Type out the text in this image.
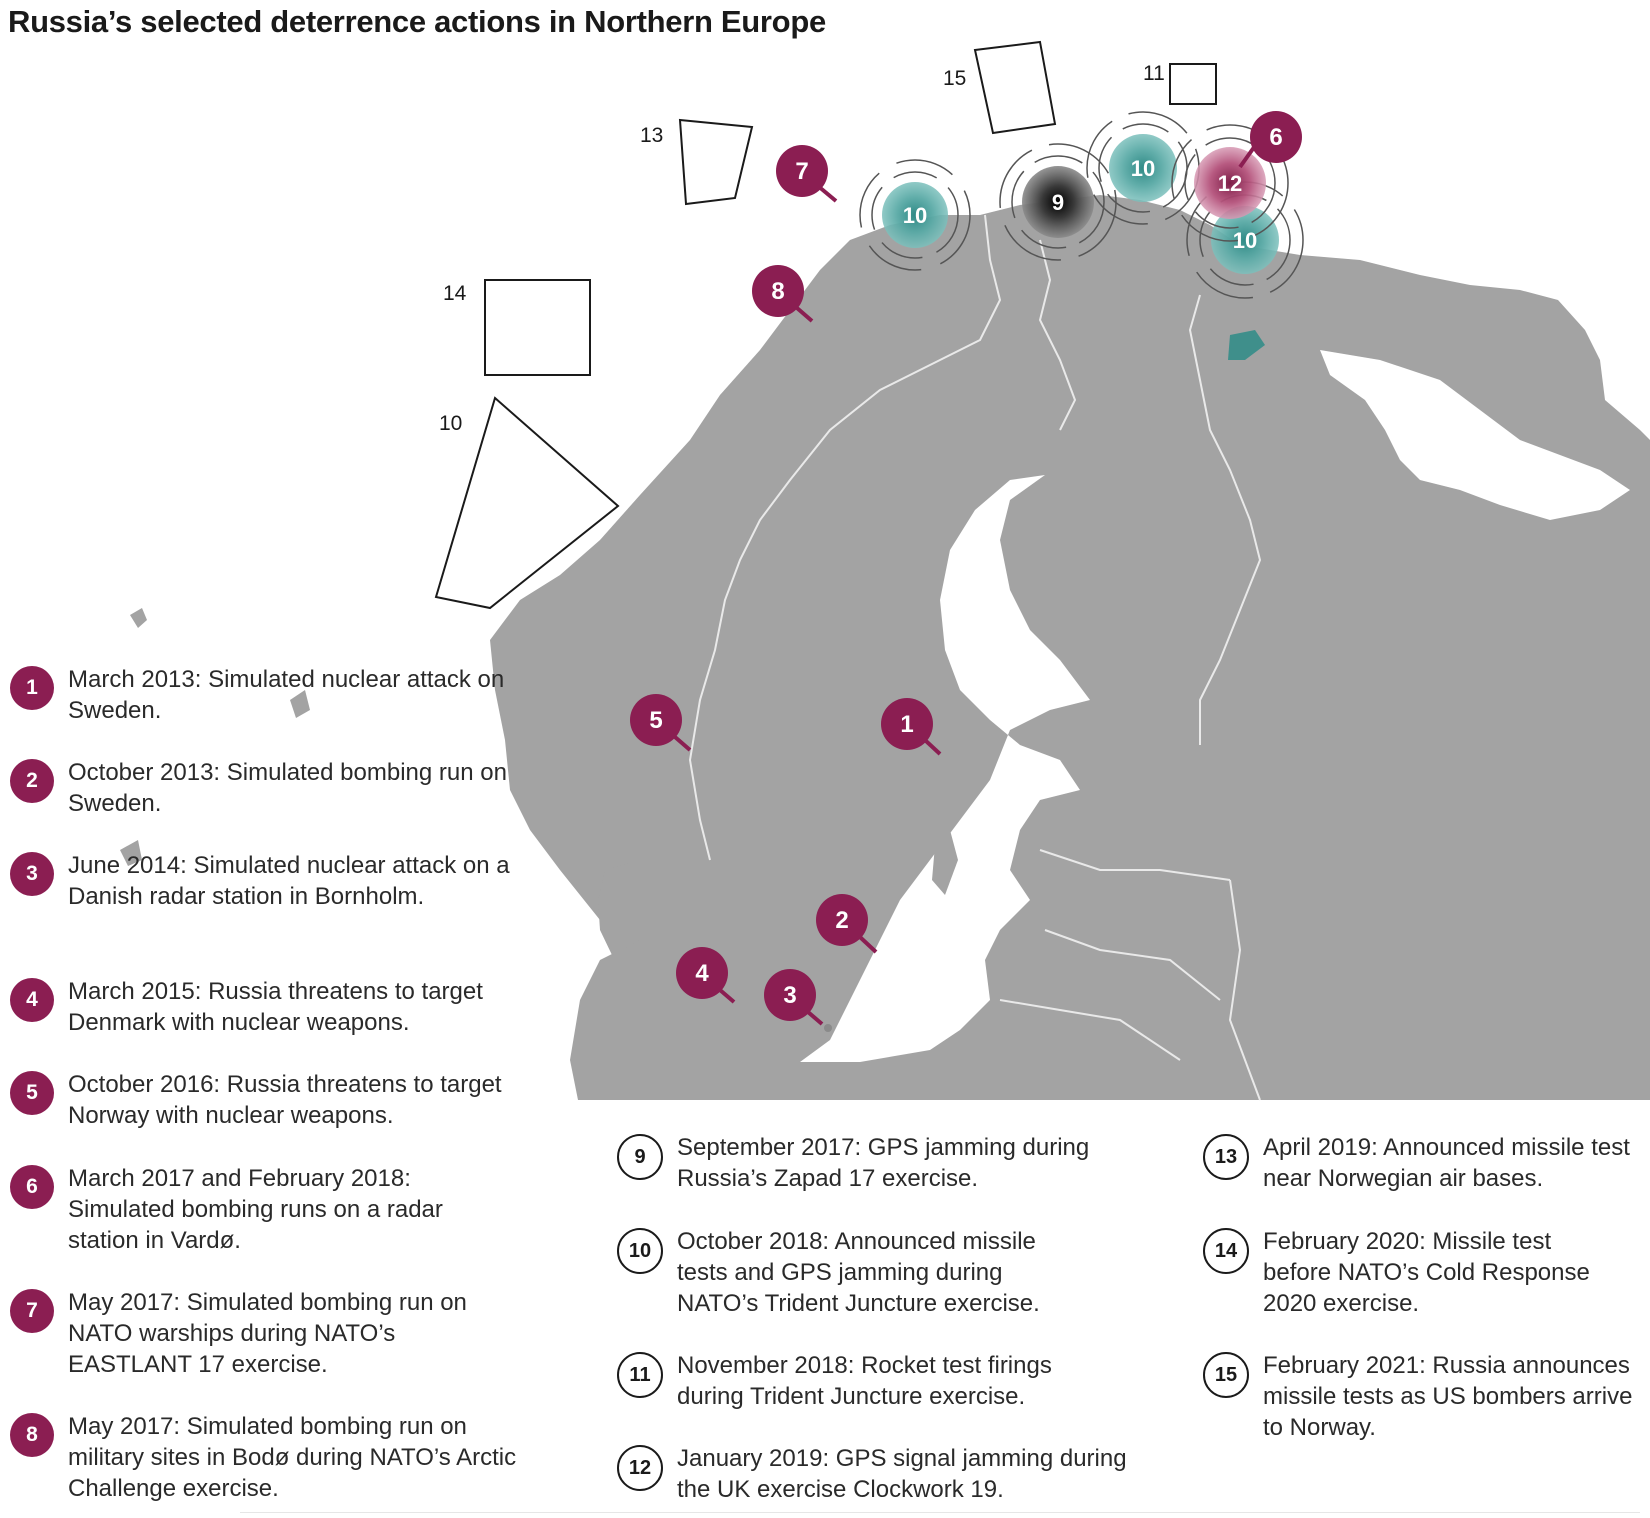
Russia’s selected deterrence actions in Northern Europe
15	11
13
14
10
10
9
10
10
12
6
7
8
5	1
2
4
3
1	March 2013: Simulated nuclear attack on Sweden.
2	October 2013: Simulated bombing run on Sweden.
3	June 2014: Simulated nuclear attack on a Danish radar station in Bornholm.
4	March 2015: Russia threatens to target Denmark with nuclear weapons.
5	October 2016: Russia threatens to target Norway with nuclear weapons.
6	March 2017 and February 2018: Simulated bombing runs on a radar station in Vardø.
7	May 2017: Simulated bombing run on NATO warships during NATO’s EASTLANT 17 exercise.
8	May 2017: Simulated bombing run on military sites in Bodø during NATO’s Arctic Challenge exercise.
9	September 2017: GPS jamming during Russia’s Zapad 17 exercise.
10	October 2018: Announced missile tests and GPS jamming during NATO’s Trident Juncture exercise.
11	November 2018: Rocket test firings during Trident Juncture exercise.
12	January 2019: GPS signal jamming during the UK exercise Clockwork 19.
13	April 2019: Announced missile test near Norwegian air bases.
14	February 2020: Missile test before NATO’s Cold Response 2020 exercise.
15	February 2021: Russia announces missile tests as US bombers arrive to Norway.
